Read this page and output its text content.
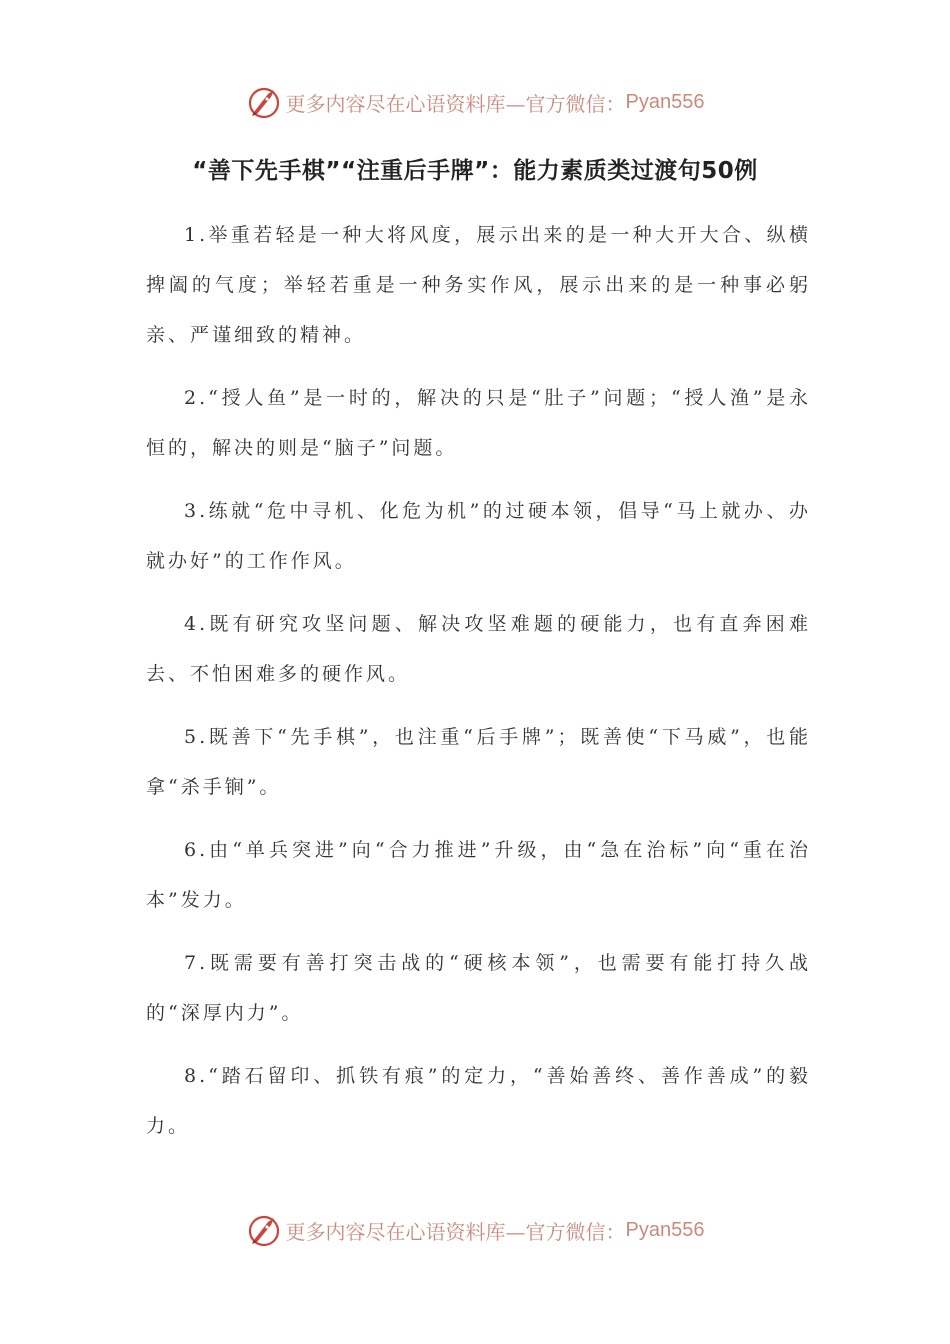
更多内容尽在心语资料库—官方微信： Pyan556
“善下先手棋”“注重后手牌”：能力素质类过渡句50例

1.举重若轻是一种大将风度，展示出来的是一种大开大合、纵横捭阖的气度；举轻若重是一种务实作风，展示出来的是一种事必躬亲、严谨细致的精神。

2.“授人鱼”是一时的，解决的只是“肚子”问题；“授人渔”是永恒的，解决的则是“脑子”问题。

3.练就“危中寻机、化危为机”的过硬本领，倡导“马上就办、办就办好”的工作作风。

4.既有研究攻坚问题、解决攻坚难题的硬能力，也有直奔困难去、不怕困难多的硬作风。

5.既善下“先手棋”，也注重“后手牌”；既善使“下马威”，也能拿“杀手锏”。

6.由“单兵突进”向“合力推进”升级，由“急在治标”向“重在治本”发力。

7.既需要有善打突击战的“硬核本领”，也需要有能打持久战的“深厚内力”。

8.“踏石留印、抓铁有痕”的定力，“善始善终、善作善成”的毅力。

更多内容尽在心语资料库—官方微信： Pyan556
